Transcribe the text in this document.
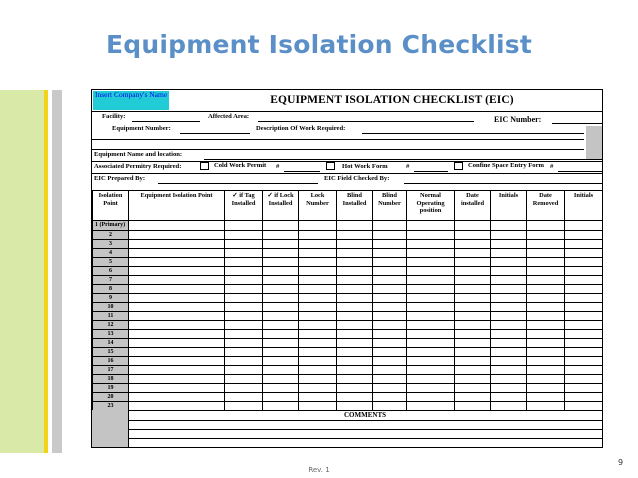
Equipment Isolation Checklist
Insert Company's Name	EQUIPMENT ISOLATION CHECKLIST (EIC)
Facility:	Affected Area:	EIC Number:
Equipment Number:	Description Of Work Required:
Equipment Name and location:
Associated Permitry Required:	Cold Work Permit #	Hot Work Form	#	Confine Space Entry Form #
EIC Prepared By:	EIC Field Checked By:
Isolation Point	Equipment Isolation Point	✓ if Tag Installed	✓ if Lock Installed	Lock Number	Blind Installed	Blind Number	Normal Operating position	Date installed	Initials	Date Removed	Initials
1 (Primary)											
2											
3											
4											
5											
6											
7											
8											
9											
10											
11											
12											
13											
14											
15											
16											
17											
18											
19											
20											
23											
COMMENTS
Rev. 1
9
